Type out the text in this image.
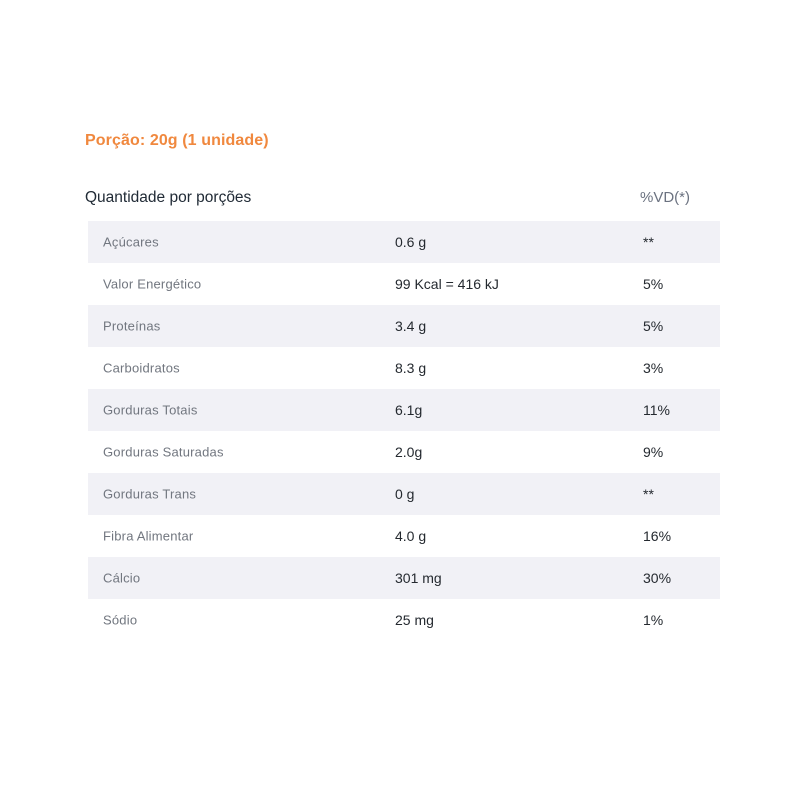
Porção: 20g (1 unidade)
Quantidade por porções	%VD(*)
Açúcares	0.6 g	**
Valor Energético	99 Kcal = 416 kJ	5%
Proteínas	3.4 g	5%
Carboidratos	8.3 g	3%
Gorduras Totais	6.1g	11%
Gorduras Saturadas	2.0g	9%
Gorduras Trans	0 g	**
Fibra Alimentar	4.0 g	16%
Cálcio	301 mg	30%
Sódio	25 mg	1%
